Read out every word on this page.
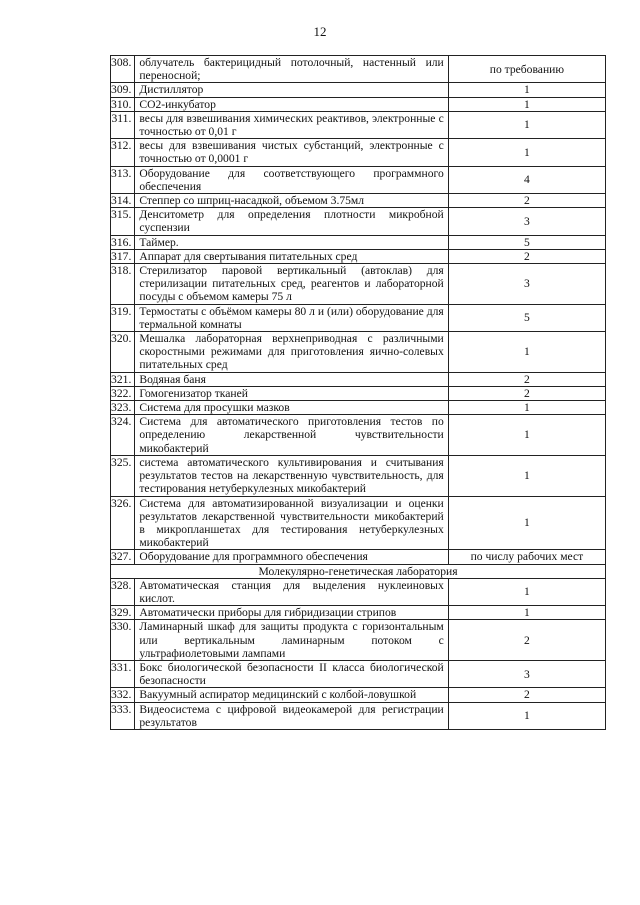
12
308.	облучатель бактерицидный потолочный, настенный или переносной;	по требованию
309.	Дистиллятор	1
310.	СО2-инкубатор	1
311.	весы для взвешивания химических реактивов, электронные с точностью от 0,01 г	1
312.	весы для взвешивания чистых субстанций, электронные с точностью от 0,0001 г	1
313.	Оборудование для соответствующего программного обеспечения	4
314.	Степпер со шприц-насадкой, объемом 3.75мл	2
315.	Денситометр для определения плотности микробной суспензии	3
316.	Таймер.	5
317.	Аппарат для свертывания питательных сред	2
318.	Стерилизатор паровой вертикальный (автоклав) для стерилизации питательных сред, реагентов и лабораторной посуды с объемом камеры 75 л	3
319.	Термостаты с объёмом камеры 80 л и (или) оборудование для термальной комнаты	5
320.	Мешалка лабораторная верхнеприводная с различными скоростными режимами для приготовления яично-солевых питательных сред	1
321.	Водяная баня	2
322.	Гомогенизатор тканей	2
323.	Система для просушки мазков	1
324.	Система для автоматического приготовления тестов по определению лекарственной чувствительности микобактерий	1
325.	система автоматического культивирования и считывания результатов тестов на лекарственную чувствительность, для тестирования нетуберкулезных микобактерий	1
326.	Система для автоматизированной визуализации и оценки результатов лекарственной чувствительности микобактерий в микропланшетах для тестирования нетуберкулезных микобактерий	1
327.	Оборудование для программного обеспечения	по числу рабочих мест
Молекулярно-генетическая лаборатория		
328.	Автоматическая станция для выделения нуклеиновых кислот.	1
329.	Автоматически приборы для гибридизации стрипов	1
330.	Ламинарный шкаф для защиты продукта с горизонтальным или вертикальным ламинарным потоком с ультрафиолетовыми лампами	2
331.	Бокс биологической безопасности II класса биологической безопасности	3
332.	Вакуумный аспиратор медицинский с колбой-ловушкой	2
333.	Видеосистема с цифровой видеокамерой для регистрации результатов	1
